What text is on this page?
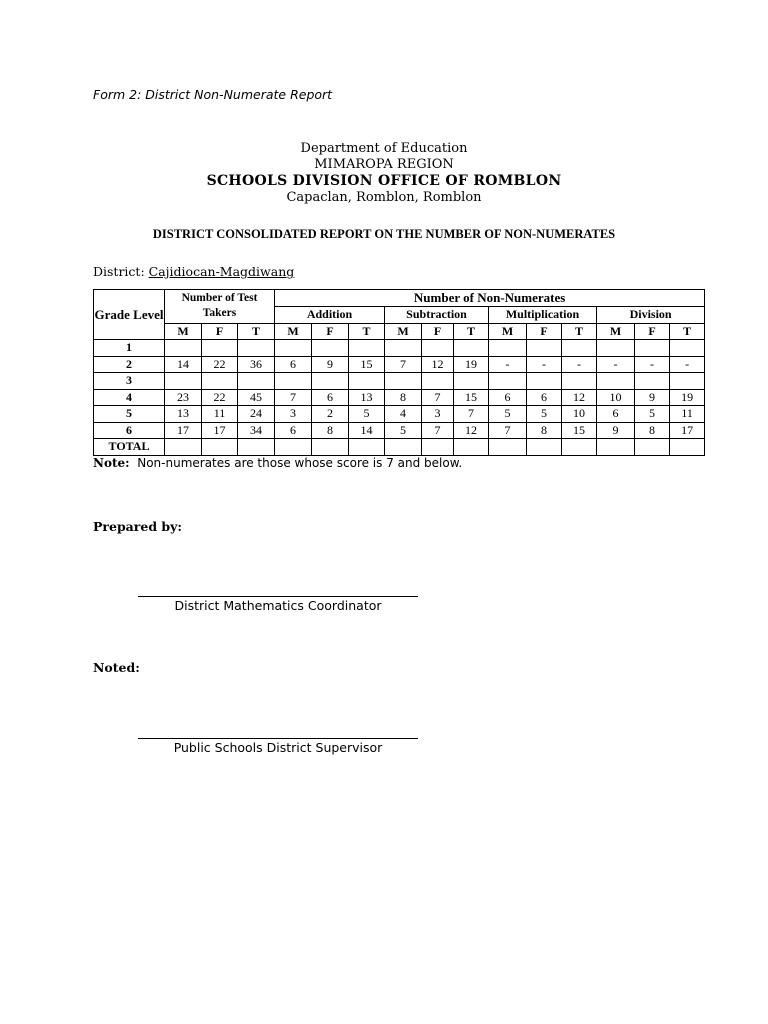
Form 2: District Non-Numerate Report
Department of Education
MIMAROPA REGION
SCHOOLS DIVISION OFFICE OF ROMBLON
Capaclan, Romblon, Romblon
DISTRICT CONSOLIDATED REPORT ON THE NUMBER OF NON-NUMERATES
District: Cajidiocan-Magdiwang
Grade Level	Number of Test Takers			Number of Non-Numerates											
				Addition			Subtraction			Multiplication			Division		
	M	F	T	M	F	T	M	F	T	M	F	T	M	F	T
1															
2	14	22	36	6	9	15	7	12	19	-	-	-	-	-	-
3															
4	23	22	45	7	6	13	8	7	15	6	6	12	10	9	19
5	13	11	24	3	2	5	4	3	7	5	5	10	6	5	11
6	17	17	34	6	8	14	5	7	12	7	8	15	9	8	17
TOTAL															
Note: Non-numerates are those whose score is 7 and below.
Prepared by:
District Mathematics Coordinator
Noted:
Public Schools District Supervisor
